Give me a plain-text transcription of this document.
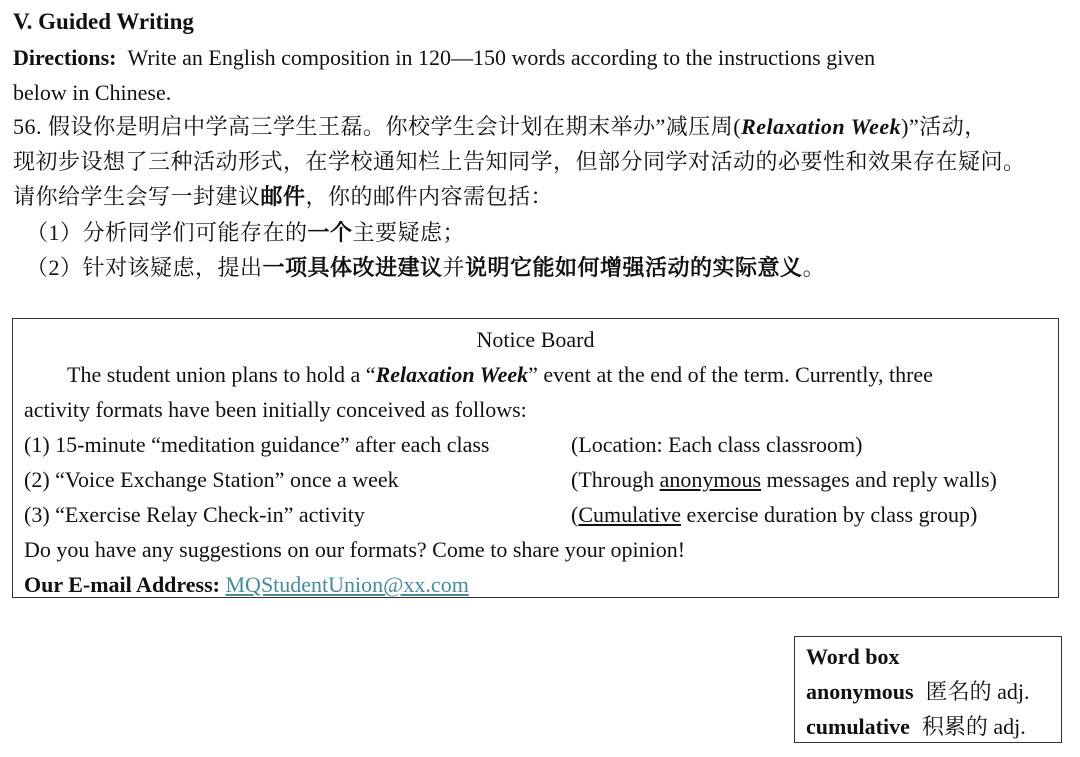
V. Guided Writing
Directions: Write an English composition in 120—150 words according to the instructions given
below in Chinese.
56. 假设你是明启中学高三学生王磊。你校学生会计划在期末举办”减压周(Relaxation Week)”活动，
现初步设想了三种活动形式，在学校通知栏上告知同学，但部分同学对活动的必要性和效果存在疑问。
请你给学生会写一封建议邮件，你的邮件内容需包括：
（1）分析同学们可能存在的一个主要疑虑；
（2）针对该疑虑，提出一项具体改进建议并说明它能如何增强活动的实际意义。
Notice Board
The student union plans to hold a “Relaxation Week” event at the end of the term. Currently, three
activity formats have been initially conceived as follows:
(1) 15-minute “meditation guidance” after each class	(Location: Each class classroom)
(2) “Voice Exchange Station” once a week	(Through anonymous messages and reply walls)
(3) “Exercise Relay Check-in” activity	(Cumulative exercise duration by class group)
Do you have any suggestions on our formats? Come to share your opinion!
Our E-mail Address: MQStudentUnion@xx.com
Word box
anonymous 匿名的 adj.
cumulative 积累的 adj.
